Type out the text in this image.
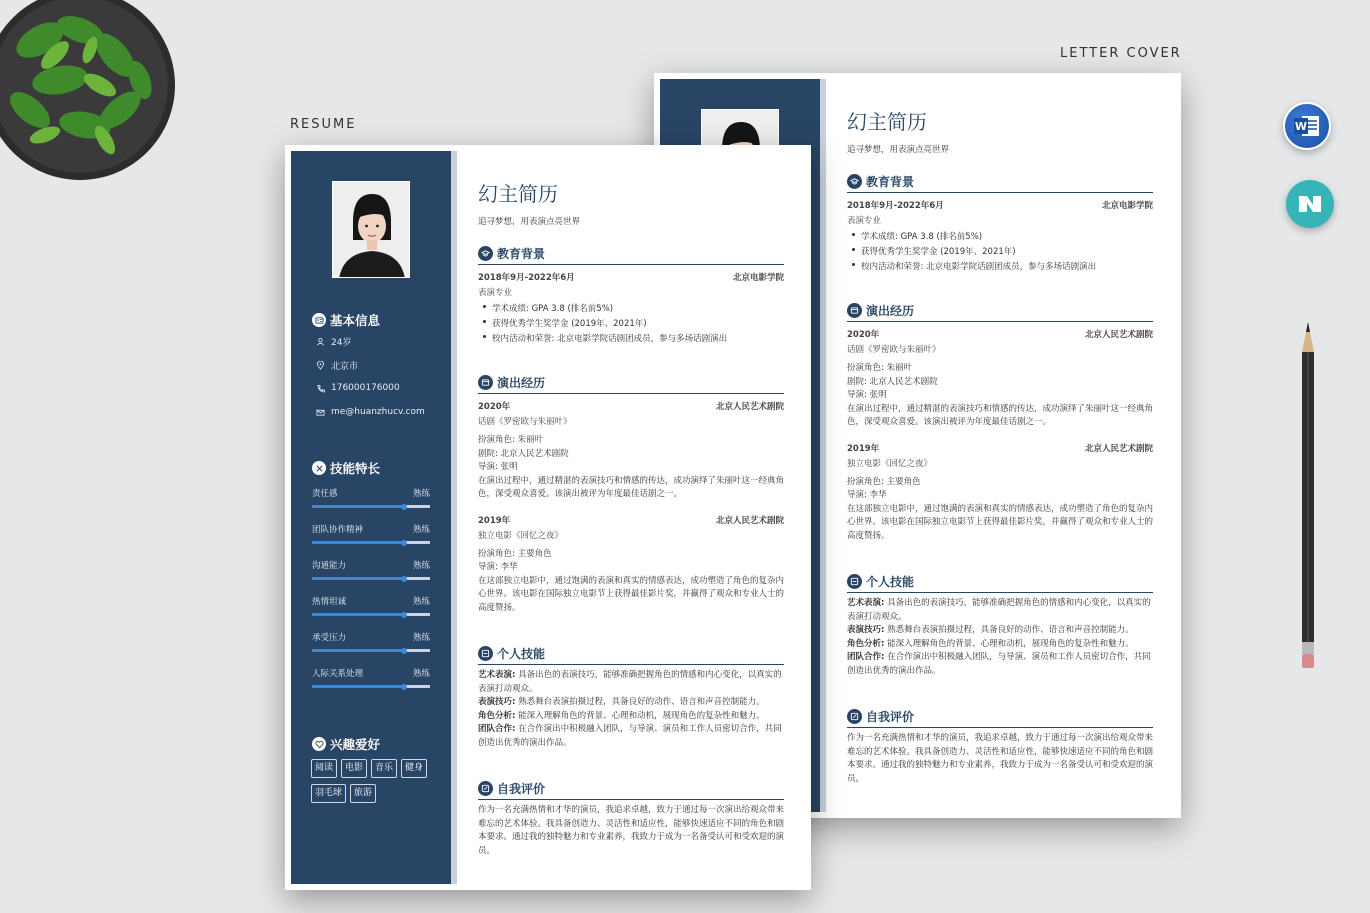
W
RESUME
LETTER COVER
幻主简历
追寻梦想，用表演点亮世界
教育背景
2018年9月-2022年6月	北京电影学院
表演专业
学术成绩: GPA 3.8 (排名前5%)
获得优秀学生奖学金 (2019年、2021年)
校内活动和荣誉: 北京电影学院话剧团成员，参与多场话剧演出
演出经历
2020年	北京人民艺术剧院
话剧《罗密欧与朱丽叶》
扮演角色: 朱丽叶
剧院: 北京人民艺术剧院
导演: 张明
在演出过程中，通过精湛的表演技巧和情感的传达，成功演绎了朱丽叶这一经典角色，深受观众喜爱。该演出被评为年度最佳话剧之一。
2019年	北京人民艺术剧院
独立电影《回忆之夜》
扮演角色: 主要角色
导演: 李华
在这部独立电影中，通过饱满的表演和真实的情感表达，成功塑造了角色的复杂内心世界。该电影在国际独立电影节上获得最佳影片奖，并赢得了观众和专业人士的高度赞扬。
个人技能
艺术表演: 具备出色的表演技巧，能够准确把握角色的情感和内心变化，以真实的表演打动观众。
表演技巧: 熟悉舞台表演拍摄过程，具备良好的动作、语言和声音控制能力。
角色分析: 能深入理解角色的背景、心理和动机，展现角色的复杂性和魅力。
团队合作: 在合作演出中积极融入团队，与导演、演员和工作人员密切合作，共同创造出优秀的演出作品。
自我评价
作为一名充满热情和才华的演员，我追求卓越，致力于通过每一次演出给观众带来难忘的艺术体验。我具备创造力、灵活性和适应性，能够快速适应不同的角色和剧本要求。通过我的独特魅力和专业素养，我致力于成为一名备受认可和受欢迎的演员。
基本信息
24岁
北京市
176000176000
me@huanzhucv.com
技能特长
责任感	熟练
团队协作精神	熟练
沟通能力	熟练
热情坦诚	熟练
承受压力	熟练
人际关系处理	熟练
兴趣爱好
阅读	电影	音乐	健身
羽毛球	旅游
幻主简历
追寻梦想，用表演点亮世界
教育背景
2018年9月-2022年6月	北京电影学院
表演专业
学术成绩: GPA 3.8 (排名前5%)
获得优秀学生奖学金 (2019年、2021年)
校内活动和荣誉: 北京电影学院话剧团成员，参与多场话剧演出
演出经历
2020年	北京人民艺术剧院
话剧《罗密欧与朱丽叶》
扮演角色: 朱丽叶
剧院: 北京人民艺术剧院
导演: 张明
在演出过程中，通过精湛的表演技巧和情感的传达，成功演绎了朱丽叶这一经典角色，深受观众喜爱。该演出被评为年度最佳话剧之一。
2019年	北京人民艺术剧院
独立电影《回忆之夜》
扮演角色: 主要角色
导演: 李华
在这部独立电影中，通过饱满的表演和真实的情感表达，成功塑造了角色的复杂内心世界。该电影在国际独立电影节上获得最佳影片奖，并赢得了观众和专业人士的高度赞扬。
个人技能
艺术表演: 具备出色的表演技巧，能够准确把握角色的情感和内心变化，以真实的表演打动观众。
表演技巧: 熟悉舞台表演拍摄过程，具备良好的动作、语言和声音控制能力。
角色分析: 能深入理解角色的背景、心理和动机，展现角色的复杂性和魅力。
团队合作: 在合作演出中积极融入团队，与导演、演员和工作人员密切合作，共同创造出优秀的演出作品。
自我评价
作为一名充满热情和才华的演员，我追求卓越，致力于通过每一次演出给观众带来难忘的艺术体验。我具备创造力、灵活性和适应性，能够快速适应不同的角色和剧本要求。通过我的独特魅力和专业素养，我致力于成为一名备受认可和受欢迎的演员。
